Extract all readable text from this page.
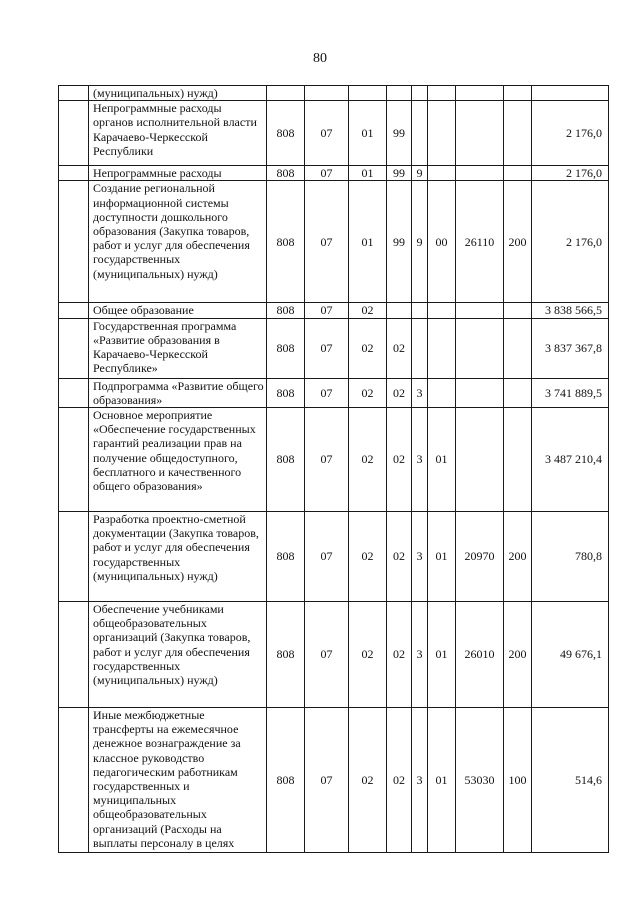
80
	(муниципальных) нужд)									
	Непрограммные расходы органов исполнительной власти Карачаево-Черкесской Республики	808	07	01	99					2 176,0
	Непрограммные расходы	808	07	01	99	9				2 176,0
	Создание региональной информационной системы доступности дошкольного образования (Закупка товаров, работ и услуг для обеспечения государственных (муниципальных) нужд)	808	07	01	99	9	00	26110	200	2 176,0
	Общее образование	808	07	02						3 838 566,5
	Государственная программа «Развитие образования в Карачаево-Черкесской Республике»	808	07	02	02					3 837 367,8
	Подпрограмма «Развитие общего образования»	808	07	02	02	3				3 741 889,5
	Основное мероприятие «Обеспечение государственных гарантий реализации прав на получение общедоступного, бесплатного и качественного общего образования»	808	07	02	02	3	01			3 487 210,4
	Разработка проектно-сметной документации (Закупка товаров, работ и услуг для обеспечения государственных (муниципальных) нужд)	808	07	02	02	3	01	20970	200	780,8
	Обеспечение учебниками общеобразовательных организаций (Закупка товаров, работ и услуг для обеспечения государственных (муниципальных) нужд)	808	07	02	02	3	01	26010	200	49 676,1
	Иные межбюджетные трансферты на ежемесячное денежное вознаграждение за классное руководство педагогическим работникам государственных и муниципальных общеобразовательных организаций (Расходы на выплаты персоналу в целях	808	07	02	02	3	01	53030	100	514,6
